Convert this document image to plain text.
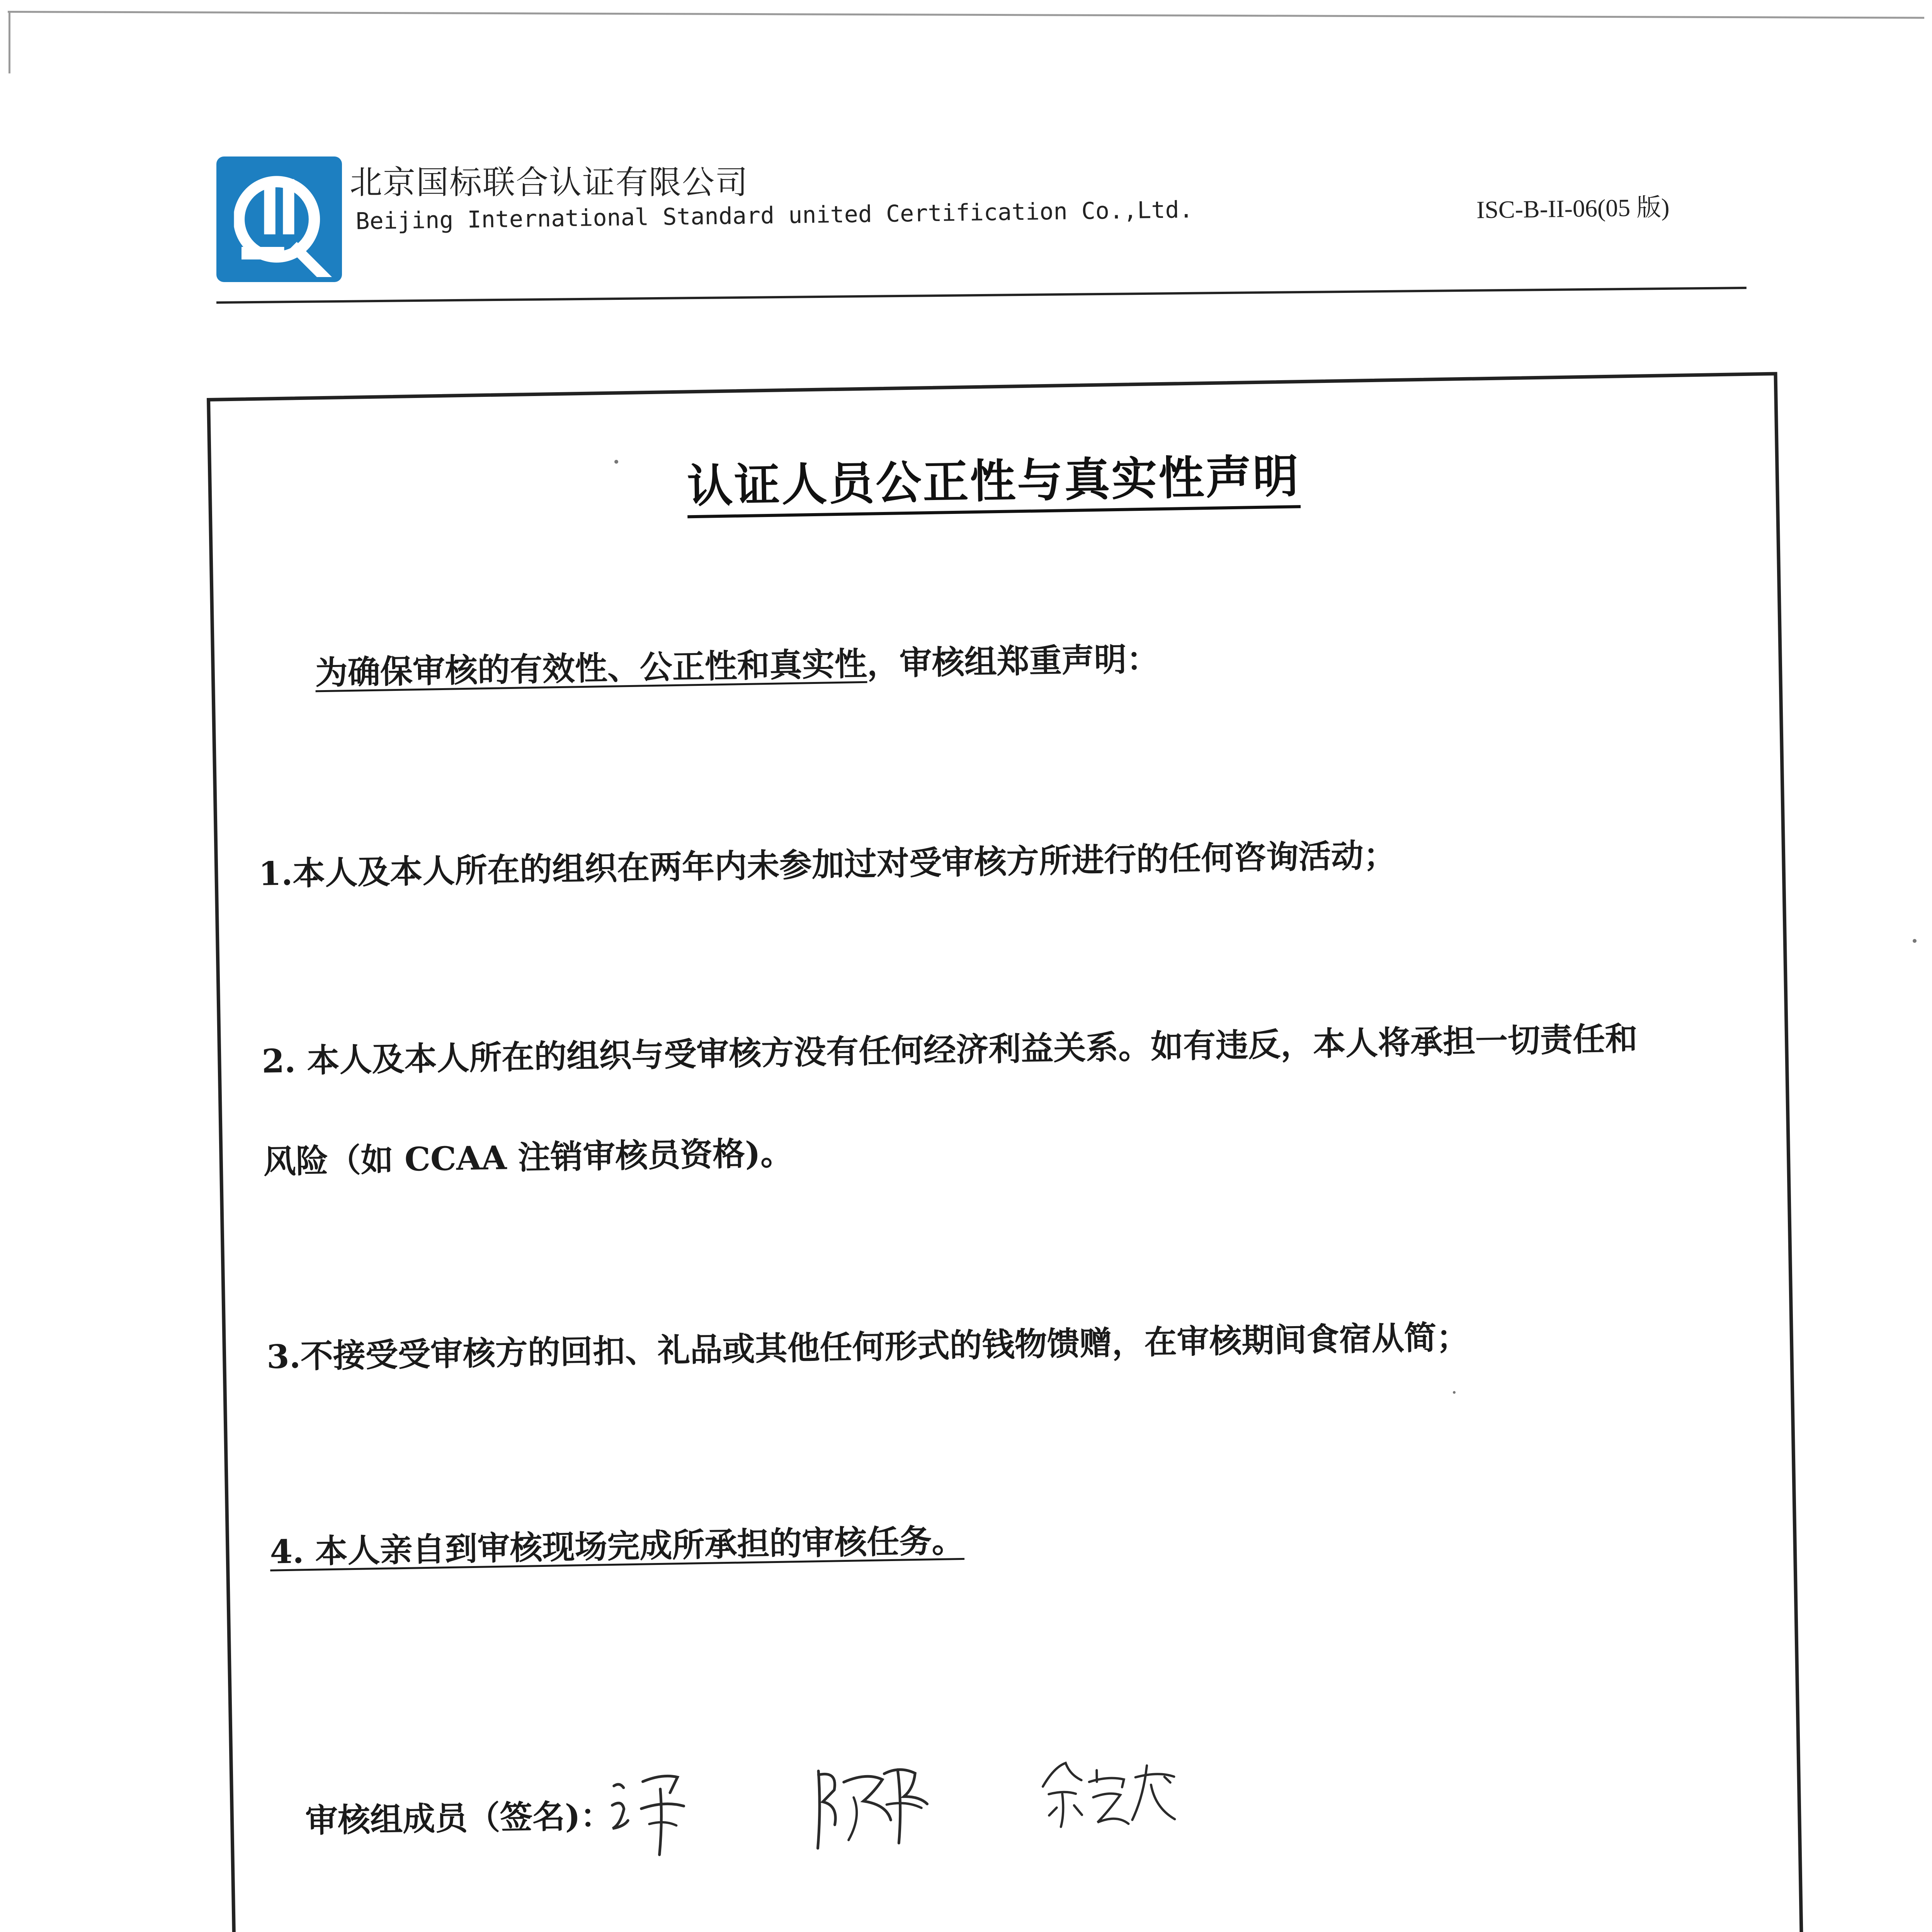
北京国标联合认证有限公司
Beijing International Standard united Certification Co.,Ltd.	ISC-B-II-06(05 版)
认证人员公正性与真实性声明
为确保审核的有效性、公正性和真实性，审核组郑重声明：
1.本人及本人所在的组织在两年内未参加过对受审核方所进行的任何咨询活动；
2. 本人及本人所在的组织与受审核方没有任何经济利益关系。如有违反，本人将承担一切责任和
风险（如 CCAA 注销审核员资格)。
3.不接受受审核方的回扣、礼品或其他任何形式的钱物馈赠，在审核期间食宿从简；
4. 本人亲自到审核现场完成所承担的审核任务。
审核组成员（签名)：
